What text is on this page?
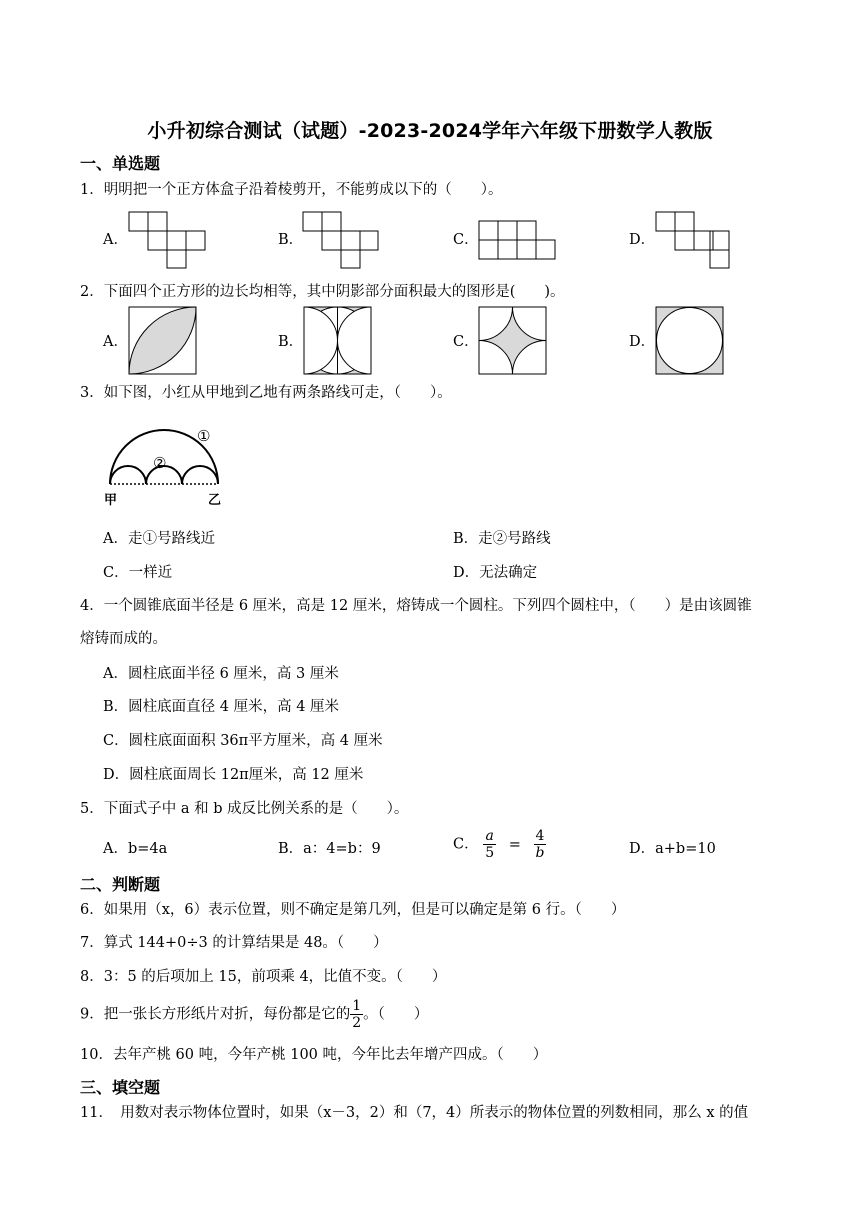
小升初综合测试（试题）-2023-2024学年六年级下册数学人教版
一、单选题
1．明明把一个正方体盒子沿着棱剪开，不能剪成以下的（　　）。
A．	B．	C．	D．
2．下面四个正方形的边长均相等，其中阴影部分面积最大的图形是(　　)。
A．	B．	C．	D．
3．如下图，小红从甲地到乙地有两条路线可走，（　　）。
①
②
甲	乙
A．走①号路线近	B．走②号路线
C．一样近	D．无法确定
4．一个圆锥底面半径是 6 厘米，高是 12 厘米，熔铸成一个圆柱。下列四个圆柱中，（　　）是由该圆锥
熔铸而成的。
A．圆柱底面半径 6 厘米，高 3 厘米
B．圆柱底面直径 4 厘米，高 4 厘米
C．圆柱底面面积 36π平方厘米，高 4 厘米
D．圆柱底面周长 12π厘米，高 12 厘米
5．下面式子中 a 和 b 成反比例关系的是（　　）。
A．b=4a	B．a：4=b：9	C． $\frac{a}{5} = \frac{4}{b}$	D．a+b=10
二、判断题
6．如果用（x，6）表示位置，则不确定是第几列，但是可以确定是第 6 行。（　　）
7．算式 144+0÷3 的计算结果是 48。（　　）
8．3：5 的后项加上 15，前项乘 4，比值不变。（　　）
9．把一张长方形纸片对折，每份都是它的 $\frac{1}{2}$ 。（　　）
10．去年产桃 60 吨，今年产桃 100 吨，今年比去年增产四成。（　　）
三、填空题
11．　用数对表示物体位置时，如果（x－3，2）和（7，4）所表示的物体位置的列数相同，那么 x 的值
